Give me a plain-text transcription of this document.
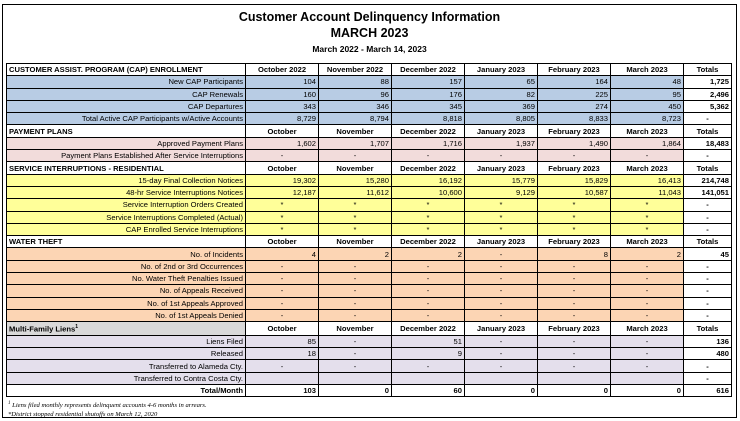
Customer Account Delinquency Information
MARCH 2023
March 2022 - March 14, 2023
CUSTOMER ASSIST. PROGRAM (CAP) ENROLLMENT	October 2022	November 2022	December 2022	January 2023	February 2023	March 2023	Totals
New CAP Participants	104	88	157	65	164	48	1,725
CAP Renewals	160	96	176	82	225	95	2,496
CAP Departures	343	346	345	369	274	450	5,362
Total Active CAP Participants w/Active Accounts	8,729	8,794	8,818	8,805	8,833	8,723	-
PAYMENT PLANS	October	November	December 2022	January 2023	February 2023	March 2023	Totals
Approved Payment Plans	1,602	1,707	1,716	1,937	1,490	1,864	18,483
Payment Plans Established After Service Interruptions	-	-	-	-	-	-	-
SERVICE INTERRUPTIONS - RESIDENTIAL	October	November	December 2022	January 2023	February 2023	March 2023	Totals
15-day Final Collection Notices	19,302	15,280	16,192	15,779	15,829	16,413	214,748
48-hr Service Interruptions Notices	12,187	11,612	10,600	9,129	10,587	11,043	141,051
Service Interruption Orders Created	*	*	*	*	*	*	-
Service Interruptions Completed (Actual)	*	*	*	*	*	*	-
CAP Enrolled Service Interruptions	*	*	*	*	*	*	-
WATER THEFT	October	November	December 2022	January 2023	February 2023	March 2023	Totals
No. of Incidents	4	2	2	-	8	2	45
No. of 2nd or 3rd Occurrences	-	-	-	-	-	-	-
No. Water Theft Penalties Issued	-	-	-	-	-	-	-
No. of Appeals Received	-	-	-	-	-	-	-
No. of 1st Appeals Approved	-	-	-	-	-	-	-
No. of 1st Appeals Denied	-	-	-	-	-	-	-
Multi-Family Liens$^1$	October	November	December 2022	January 2023	February 2023	March 2023	Totals
Liens Filed	85	-	51	-	-	-	136
Released	18	-	9	-	-	-	480
Transferred to Alameda Cty.	-	-	-	-	-	-	-
Transferred to Contra Costa Cty.							-
Total/Month	103	0	60	0	0	0	616
$^1$ Liens filed monthly represents delinquent accounts 4-6 months in arrears.
*District stopped residential shutoffs on March 12, 2020
